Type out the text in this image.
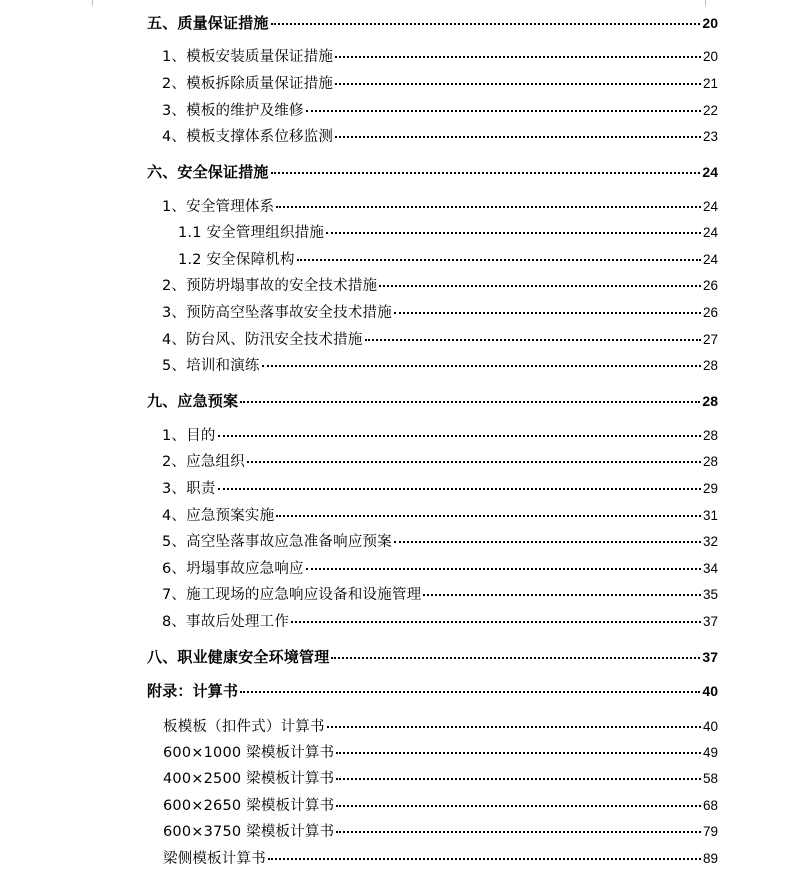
五、质量保证措施	20
1、模板安装质量保证措施	20
2、模板拆除质量保证措施	21
3、模板的维护及维修	22
4、模板支撑体系位移监测	23
六、安全保证措施	24
1、安全管理体系	24
1.1 安全管理组织措施	24
1.2 安全保障机构	24
2、预防坍塌事故的安全技术措施	26
3、预防高空坠落事故安全技术措施	26
4、防台风、防汛安全技术措施	27
5、培训和演练	28
九、应急预案	28
1、目的	28
2、应急组织	28
3、职责	29
4、应急预案实施	31
5、高空坠落事故应急准备响应预案	32
6、坍塌事故应急响应	34
7、施工现场的应急响应设备和设施管理	35
8、事故后处理工作	37
八、职业健康安全环境管理	37
附录：计算书	40
板模板（扣件式）计算书	40
600×1000 梁模板计算书	49
400×2500 梁模板计算书	58
600×2650 梁模板计算书	68
600×3750 梁模板计算书	79
梁侧模板计算书	89
